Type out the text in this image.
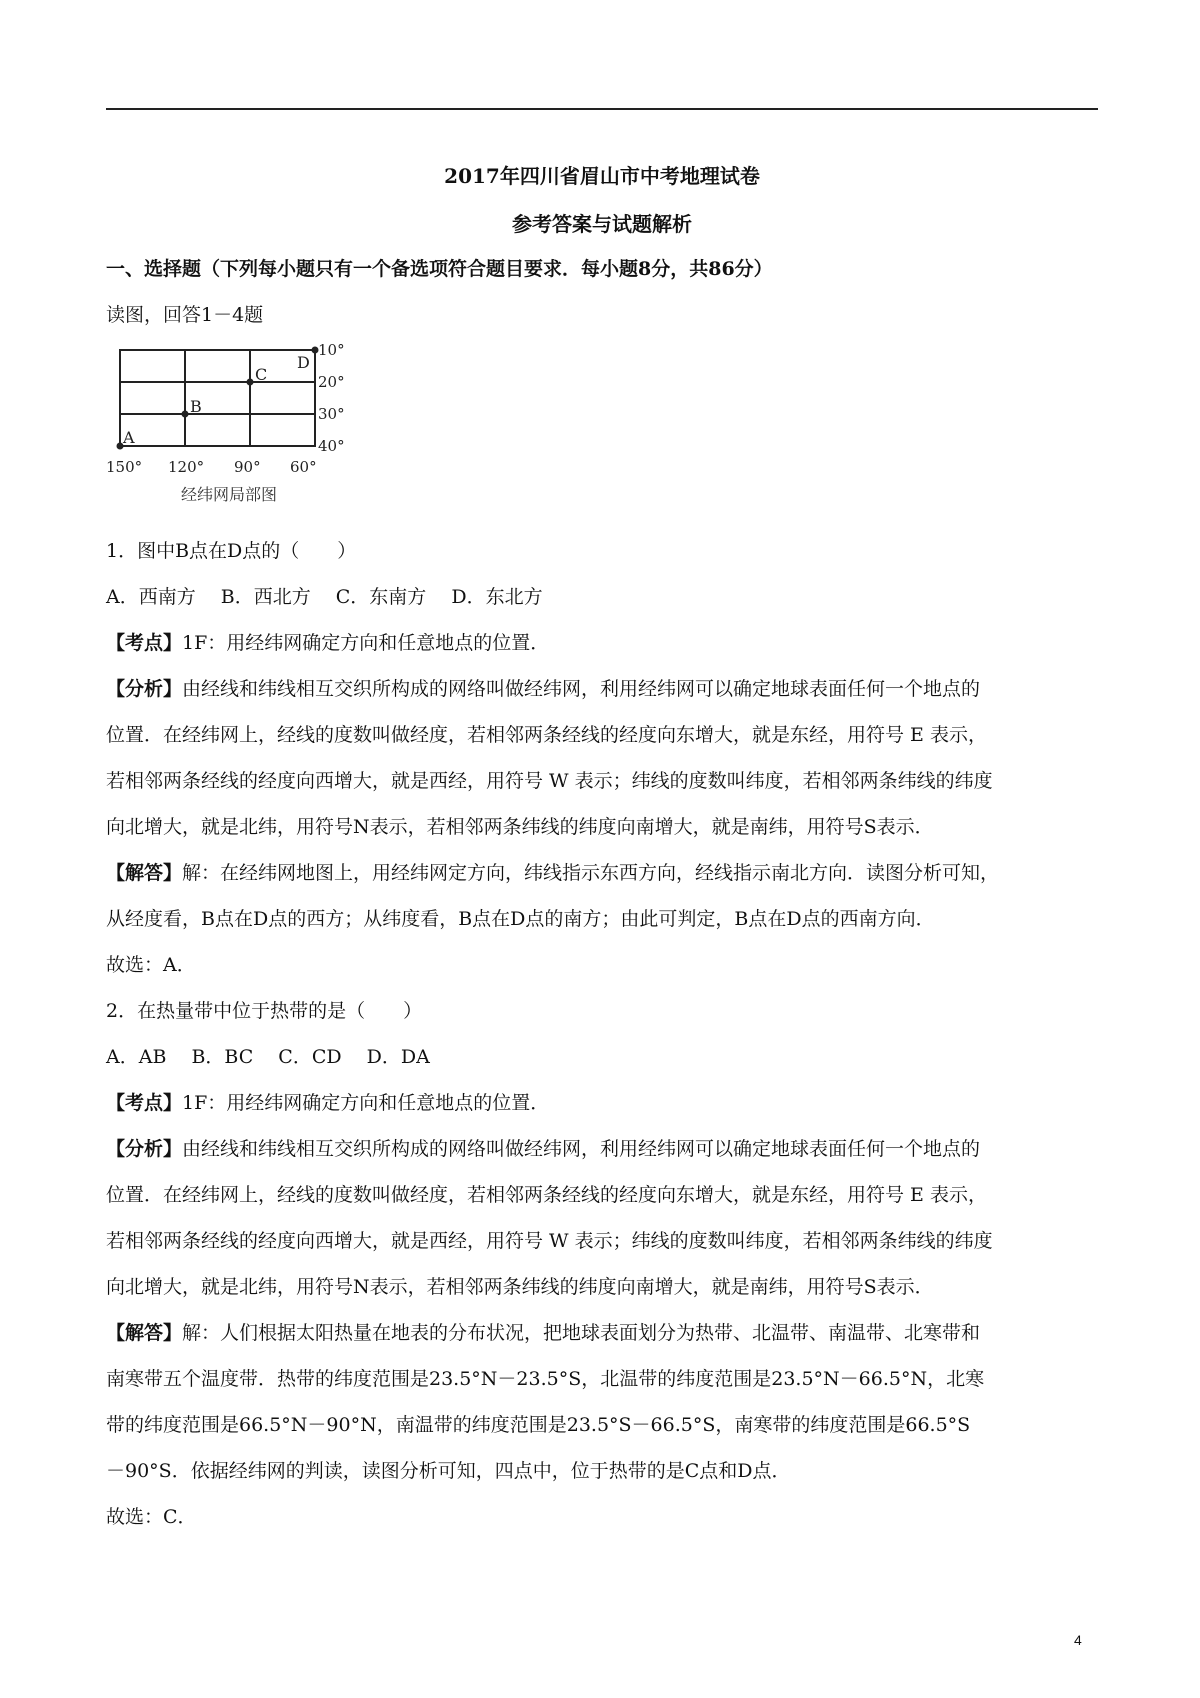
2017年四川省眉山市中考地理试卷
参考答案与试题解析
一、选择题（下列每小题只有一个备选项符合题目要求．每小题8分，共86分）
读图，回答1－4题
10°
20°
30°
40°
150° 120° 90° 60°
A
B
C
D
经纬网局部图
1．图中B点在D点的（　　）
A．西南方　 B．西北方　 C．东南方　 D．东北方
【考点】1F：用经纬网确定方向和任意地点的位置．
【分析】由经线和纬线相互交织所构成的网络叫做经纬网，利用经纬网可以确定地球表面任何一个地点的
位置．在经纬网上，经线的度数叫做经度，若相邻两条经线的经度向东增大，就是东经，用符号 E 表示，
若相邻两条经线的经度向西增大，就是西经，用符号 W 表示；纬线的度数叫纬度，若相邻两条纬线的纬度
向北增大，就是北纬，用符号N表示，若相邻两条纬线的纬度向南增大，就是南纬，用符号S表示．
【解答】解：在经纬网地图上，用经纬网定方向，纬线指示东西方向，经线指示南北方向．读图分析可知，
从经度看，B点在D点的西方；从纬度看，B点在D点的南方；由此可判定，B点在D点的西南方向．
故选：A．
2．在热量带中位于热带的是（　　）
A．AB　 B．BC　 C．CD　 D．DA
【考点】1F：用经纬网确定方向和任意地点的位置．
【分析】由经线和纬线相互交织所构成的网络叫做经纬网，利用经纬网可以确定地球表面任何一个地点的
位置．在经纬网上，经线的度数叫做经度，若相邻两条经线的经度向东增大，就是东经，用符号 E 表示，
若相邻两条经线的经度向西增大，就是西经，用符号 W 表示；纬线的度数叫纬度，若相邻两条纬线的纬度
向北增大，就是北纬，用符号N表示，若相邻两条纬线的纬度向南增大，就是南纬，用符号S表示．
【解答】解：人们根据太阳热量在地表的分布状况，把地球表面划分为热带、北温带、南温带、北寒带和
南寒带五个温度带．热带的纬度范围是23.5°N－23.5°S，北温带的纬度范围是23.5°N－66.5°N，北寒
带的纬度范围是66.5°N－90°N，南温带的纬度范围是23.5°S－66.5°S，南寒带的纬度范围是66.5°S
－90°S．依据经纬网的判读，读图分析可知，四点中，位于热带的是C点和D点．
故选：C．
4
